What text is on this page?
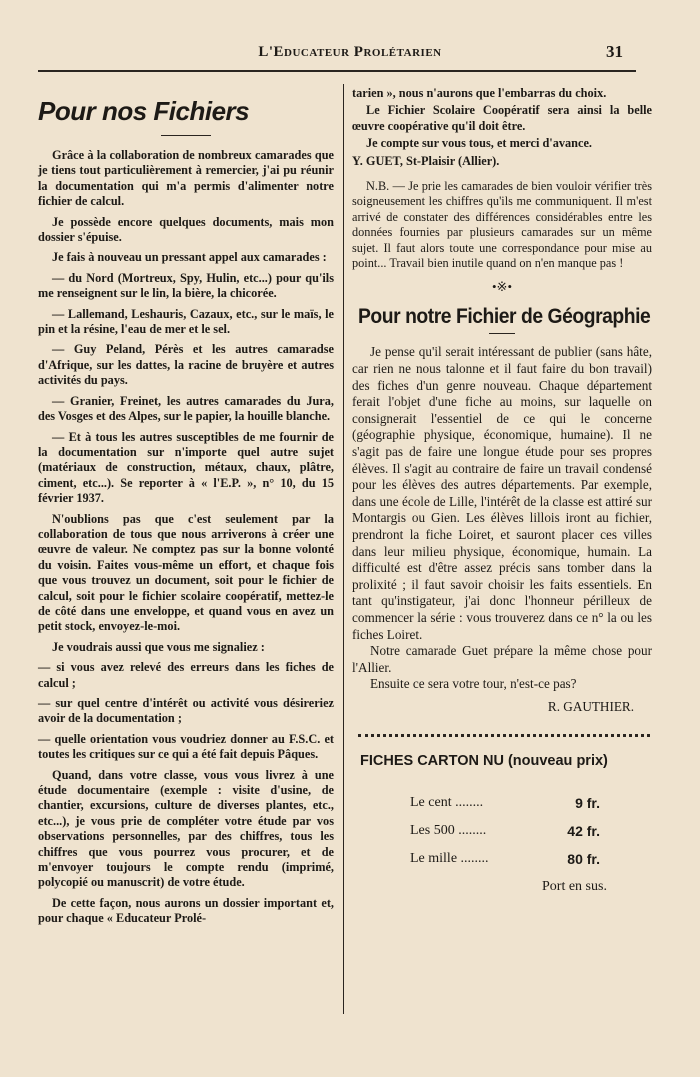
L'Educateur Prolétarien	31
Pour nos Fichiers

Grâce à la collaboration de nombreux camarades que je tiens tout particulièrement à remercier, j'ai pu réunir la documentation qui m'a permis d'alimenter notre fichier de calcul.

Je possède encore quelques documents, mais mon dossier s'épuise.

Je fais à nouveau un pressant appel aux camarades :

— du Nord (Mortreux, Spy, Hulin, etc...) pour qu'ils me renseignent sur le lin, la bière, la chicorée.

— Lallemand, Leshauris, Cazaux, etc., sur le maïs, le pin et la résine, l'eau de mer et le sel.

— Guy Peland, Pérès et les autres camaradse d'Afrique, sur les dattes, la racine de bruyère et autres activités du pays.

— Granier, Freinet, les autres camarades du Jura, des Vosges et des Alpes, sur le papier, la houille blanche.

— Et à tous les autres susceptibles de me fournir de la documentation sur n'importe quel autre sujet (matériaux de construction, métaux, chaux, plâtre, ciment, etc...). Se reporter à « l'E.P. », n° 10, du 15 février 1937.

N'oublions pas que c'est seulement par la collaboration de tous que nous arriverons à créer une œuvre de valeur. Ne comptez pas sur la bonne volonté du voisin. Faites vous-même un effort, et chaque fois que vous trouvez un document, soit pour le fichier de calcul, soit pour le fichier scolaire coopératif, mettez-le de côté dans une enveloppe, et quand vous en avez un petit stock, envoyez-le-moi.

Je voudrais aussi que vous me signaliez :

— si vous avez relevé des erreurs dans les fiches de calcul ;

— sur quel centre d'intérêt ou activité vous désireriez avoir de la documentation ;

— quelle orientation vous voudriez donner au F.S.C. et toutes les critiques sur ce qui a été fait depuis Pâques.

Quand, dans votre classe, vous vous livrez à une étude documentaire (exemple : visite d'usine, de chantier, excursions, culture de diverses plantes, etc., etc...), je vous prie de compléter votre étude par vos observations personnelles, par des chiffres, tous les chiffres que vous pourrez vous procurer, et de m'envoyer toujours le compte rendu (imprimé, polycopié ou manuscrit) de votre étude.

De cette façon, nous aurons un dossier important et, pour chaque « Educateur Prolé-

tarien », nous n'aurons que l'embarras du choix.

Le Fichier Scolaire Coopératif sera ainsi la belle œuvre coopérative qu'il doit être.

Je compte sur vous tous, et merci d'avance.

Y. GUET, St-Plaisir (Allier).

N.B. — Je prie les camarades de bien vouloir vérifier très soigneusement les chiffres qu'ils me communiquent. Il m'est arrivé de constater des différences considérables entre les données fournies par plusieurs camarades sur un même sujet. Il faut alors toute une correspondance pour mise au point... Travail bien inutile quand on n'en manque pas !

•※•
Pour notre Fichier de Géographie

Je pense qu'il serait intéressant de publier (sans hâte, car rien ne nous talonne et il faut faire du bon travail) des fiches d'un genre nouveau. Chaque département ferait l'objet d'une fiche au moins, sur laquelle on consignerait l'essentiel de ce qui le concerne (géographie physique, économique, humaine). Il ne s'agit pas de faire une longue étude pour ses propres élèves. Il s'agit au contraire de faire un travail condensé pour les élèves des autres départements. Par exemple, dans une école de Lille, l'intérêt de la classe est attiré sur Montargis ou Gien. Les élèves lillois iront au fichier, prendront la fiche Loiret, et sauront placer ces villes dans leur milieu physique, économique, humain. La difficulté est d'être assez précis sans tomber dans la prolixité ; il faut savoir choisir les faits essentiels. En tant qu'instigateur, j'ai donc l'honneur périlleux de commencer la série : vous trouverez dans ce n° la ou les fiches Loiret.

Notre camarade Guet prépare la même chose pour l'Allier.

Ensuite ce sera votre tour, n'est-ce pas?

R. GAUTHIER.

FICHES CARTON NU (nouveau prix)
Le cent ........	9 fr.
Les 500 ........	42 fr.
Le mille ........	80 fr.
Port en sus.
